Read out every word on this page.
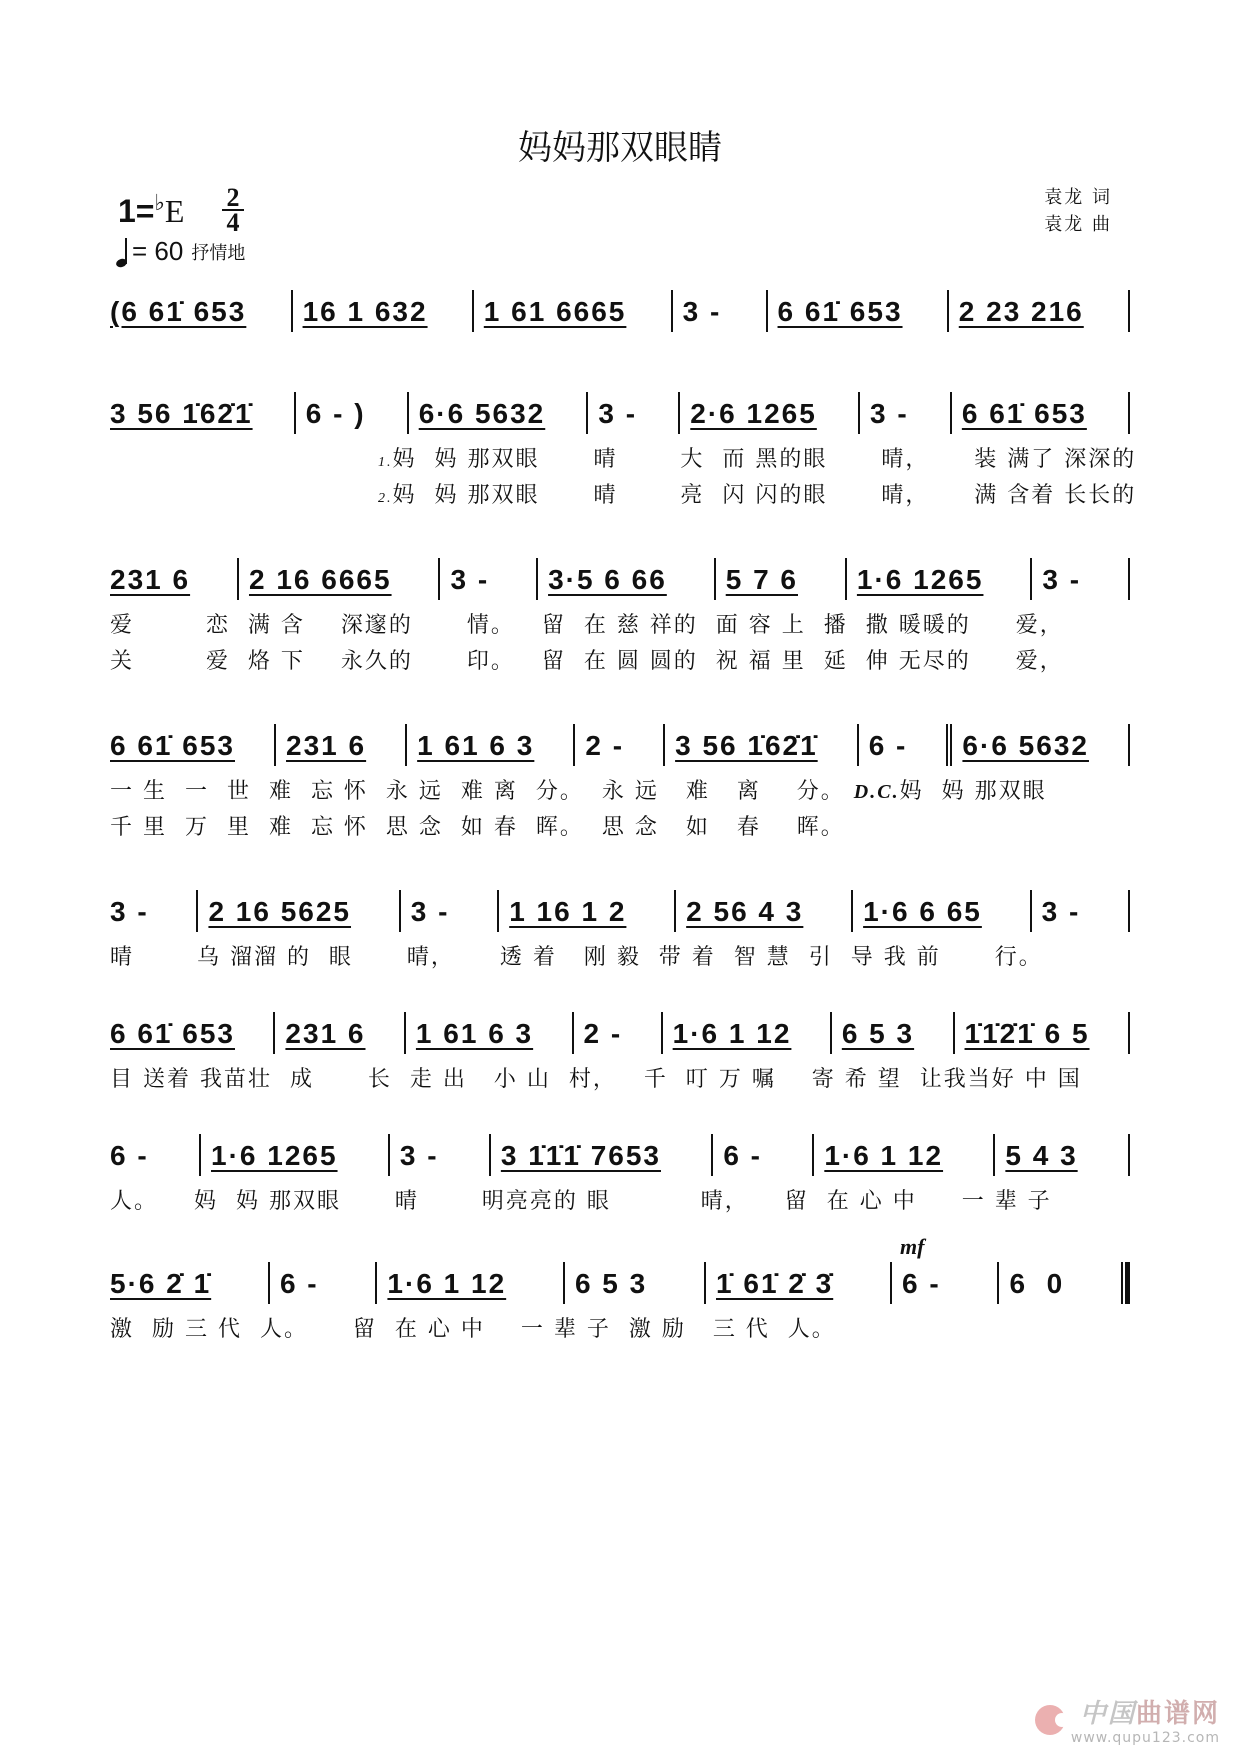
妈妈那双眼睛
1=♭E 2
4
= 60 抒情地
袁龙 词
袁龙 曲
(6 61̇ 653	16 1 632	1 61 6665	3 -	6 61̇ 653	2 23 216
3 56 1̇62̇1̇	6 - )	6·6 5632	3 -	2·6 1265	3 -	6 61̇ 653
1.妈  妈 那双眼      晴       大  而 黑的眼      晴，     装 满了 深深的
2.妈  妈 那双眼      晴       亮  闪 闪的眼      晴，     满 含着 长长的
231 6	2 16 6665	3 -	3·5 6 66	5 7 6	1·6 1265	3 -
爱        恋  满 含    深邃的      情。   留  在 慈 祥的  面 容 上  播  撒 暖暖的     爱，
关        爱  烙 下    永久的      印。   留  在 圆 圆的  祝 福 里  延  伸 无尽的     爱，
6 61̇ 653	231 6	1 61 6 3	2 -	3 56 1̇62̇1̇	6 -	6·6 5632
一 生  一  世  难  忘 怀  永 远  难 离  分。  永 远   难   离    分。 D.C.妈  妈 那双眼
千 里  万  里  难  忘 怀  思 念  如 春  晖。  思 念   如   春    晖。
3 -	2 16 5625	3 -	1 16 1 2	2 56 4 3	1·6 6 65	3 -
晴       乌 溜溜 的  眼      晴，     透 着   刚 毅  带 着  智 慧  引  导 我 前      行。
6 61̇ 653	231 6	1 61 6 3	2 -	1·6 1 12	6 5 3	1̇1̇2̇1̇ 6 5
目 送着 我苗壮  成      长  走 出   小 山  村，   千  叮 万 嘱    寄 希 望  让我当好 中 国
6 -	1·6 1265	3 -	3 1̇1̇1̇ 7653	6 -	1·6 1 12	5 4 3
人。    妈  妈 那双眼      晴       明亮亮的 眼          晴，    留  在 心 中     一 辈 子
mf
5·6 2̇ 1̇	6 -	1·6 1 12	6 5 3	1̇ 61̇ 2̇ 3̇	6 -	6  0
激  励 三 代  人。     留  在 心 中    一 辈 子  激 励   三 代  人。
中国曲谱网
www.qupu123.com
